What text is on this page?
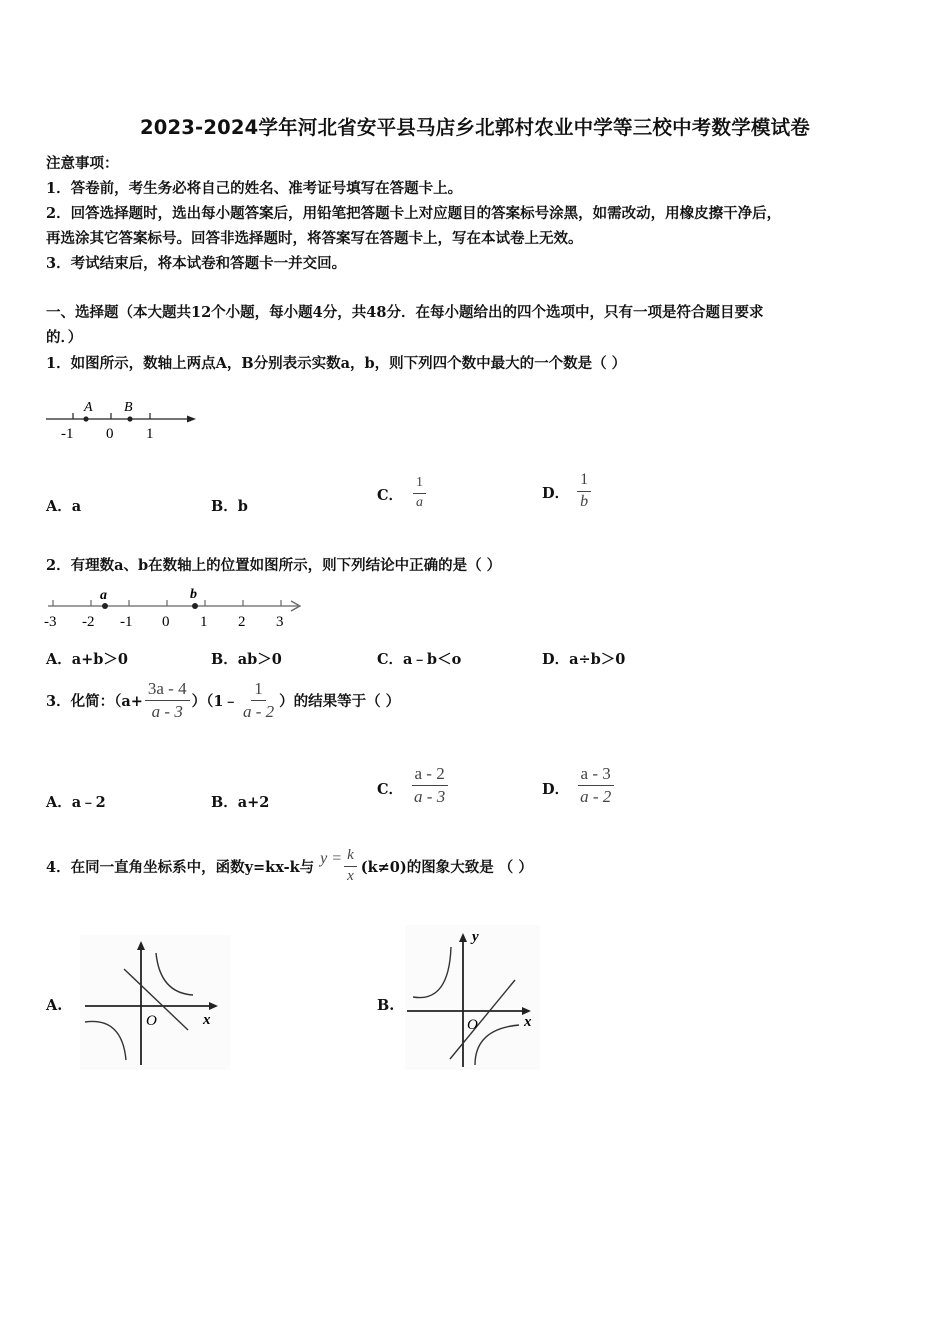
2023-2024学年河北省安平县马店乡北郭村农业中学等三校中考数学模试卷
注意事项：
1．答卷前，考生务必将自己的姓名、准考证号填写在答题卡上。
2．回答选择题时，选出每小题答案后，用铅笔把答题卡上对应题目的答案标号涂黑，如需改动，用橡皮擦干净后，
再选涂其它答案标号。回答非选择题时，将答案写在答题卡上，写在本试卷上无效。
3．考试结束后，将本试卷和答题卡一并交回。
一、选择题（本大题共12个小题，每小题4分，共48分．在每小题给出的四个选项中，只有一项是符合题目要求
的．）
1．如图所示，数轴上两点A，B分别表示实数a，b，则下列四个数中最大的一个数是（ ）
A B
-1 0 1
A．a	B．b
C． $\frac{1}{a}$	D． $\frac{1}{b}$
2．有理数a、b在数轴上的位置如图所示，则下列结论中正确的是（ ）
a	b
-3 -2 -1 0 1 2 3
A．a+b＞0	B．ab＞0	C．a﹣b＜o	D．a÷b＞0
3．化简：（$a+ \frac{3a - 4}{a - 3}$ ）（1﹣ $\frac{1}{a - 2}$ ）的结果等于（ ）
A．a﹣2	B．a+2
C． $\frac{a - 2}{a - 3}$	D． $\frac{a - 3}{a - 2}$
4．在同一直角坐标系中，函数y=kx-k与 $y = \frac{k}{x} (k\ne 0)$的图象大致是 （ ）
A.
O	x
B.
O	x
y
